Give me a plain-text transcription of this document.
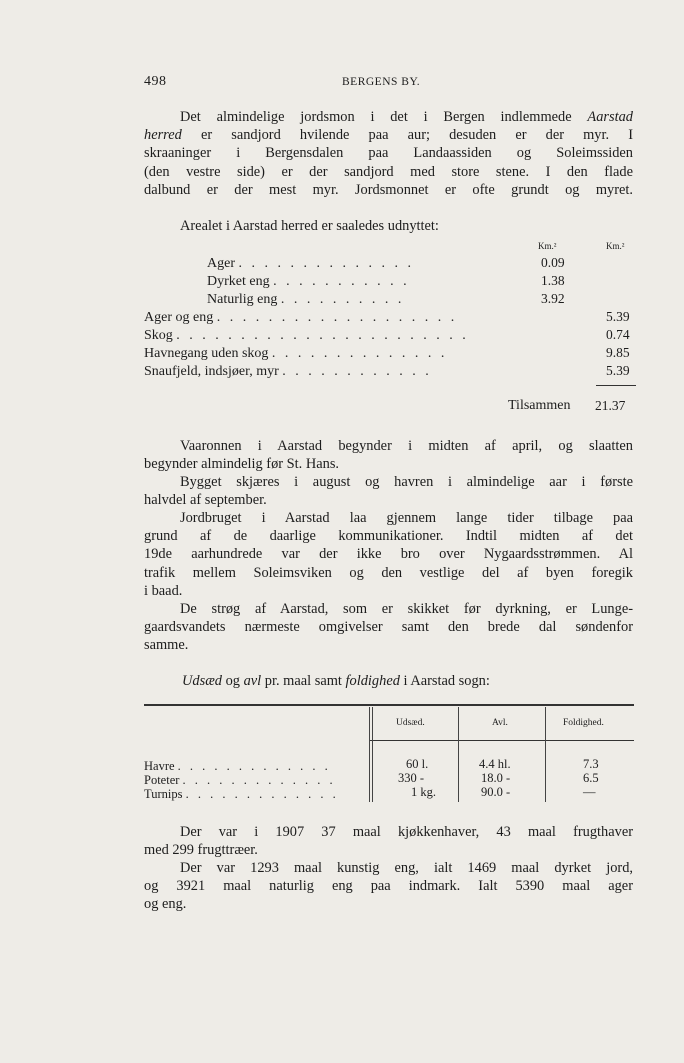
498	BERGENS BY.
Det almindelige jordsmon i det i Bergen indlemmede Aarstad
herred er sandjord hvilende paa aur; desuden er der myr. I
skraaninger i Bergensdalen paa Landaassiden og Soleimssiden
(den vestre side) er der sandjord med store stene. I den flade
dalbund er der mest myr. Jordsmonnet er ofte grundt og myret.
Arealet i Aarstad herred er saaledes udnyttet:
Km.²	Km.²
Ager . . . . . . . . . . . . . .	0.09
Dyrket eng . . . . . . . . . . .	1.38
Naturlig eng . . . . . . . . . .	3.92
Ager og eng . . . . . . . . . . . . . . . . . . .	5.39
Skog . . . . . . . . . . . . . . . . . . . . . . .	0.74
Havnegang uden skog . . . . . . . . . . . . . .	9.85
Snaufjeld, indsjøer, myr . . . . . . . . . . . .	5.39
Tilsammen 21.37
Vaaronnen i Aarstad begynder i midten af april, og slaatten
begynder almindelig før St. Hans.
Bygget skjæres i august og havren i almindelige aar i første
halvdel af september.
Jordbruget i Aarstad laa gjennem lange tider tilbage paa
grund af de daarlige kommunikationer. Indtil midten af det
19de aarhundrede var der ikke bro over Nygaardsstrømmen. Al
trafik mellem Soleimsviken og den vestlige del af byen foregik
i baad.
De strøg af Aarstad, som er skikket før dyrkning, er Lunge-
gaardsvandets nærmeste omgivelser samt den brede dal søndenfor
samme.
Udsæd og avl pr. maal samt foldighed i Aarstad sogn:
Udsæd.	Avl.	Foldighed.
Havre . . . . . . . . . . . . .	60 l.	4.4 hl.	7.3
Poteter . . . . . . . . . . . . .	330 -	18.0 -	6.5
Turnips . . . . . . . . . . . . .	1 kg.	90.0 -	—
Der var i 1907 37 maal kjøkkenhaver, 43 maal frugthaver
med 299 frugttræer.
Der var 1293 maal kunstig eng, ialt 1469 maal dyrket jord,
og 3921 maal naturlig eng paa indmark. Ialt 5390 maal ager
og eng.
